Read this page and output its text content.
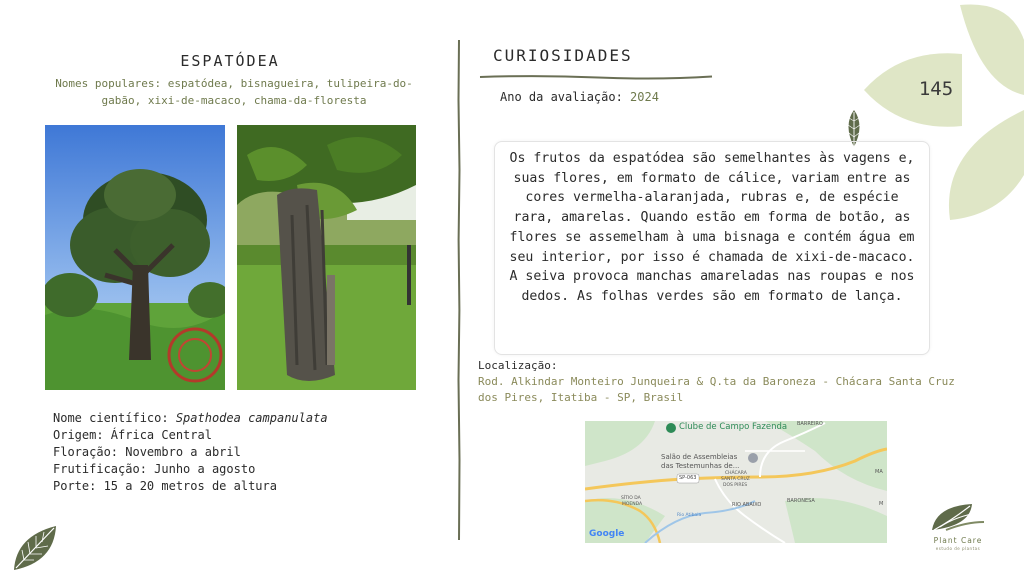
ESPATÓDEA
Nomes populares: espatódea, bisnagueira, tulipeira-do-gabão, xixi-de-macaco, chama-da-floresta
Nome científico: Spathodea campanulata
Origem: África Central
Floração: Novembro a abril
Frutificação: Junho a agosto
Porte: 15 a 20 metros de altura
CURIOSIDADES
Ano da avaliação: 2024	145
Os frutos da espatódea são semelhantes às vagens e, suas flores, em formato de cálice, variam entre as cores vermelha-alaranjada, rubras e, de espécie rara, amarelas. Quando estão em forma de botão, as flores se assemelham à uma bisnaga e contém água em seu interior, por isso é chamada de xixi-de-macaco. A seiva provoca manchas amareladas nas roupas e nos dedos. As folhas verdes são em formato de lança.
Localização:
Rod. Alkindar Monteiro Junqueira & Q.ta da Baroneza - Chácara Santa Cruz dos Pires, Itatiba - SP, Brasil
Clube de Campo Fazenda BARREIRO
Salão de Assembleias
das Testemunhas de...
SP-063
CHÁCARA
SANTA CRUZ
DOS PIRES
SÍTIO DA
MOENDA
BARONESA
RIO ABAIXO
Rio Atibaia
MA
M
Google
Plant Care
estudo de plantas
